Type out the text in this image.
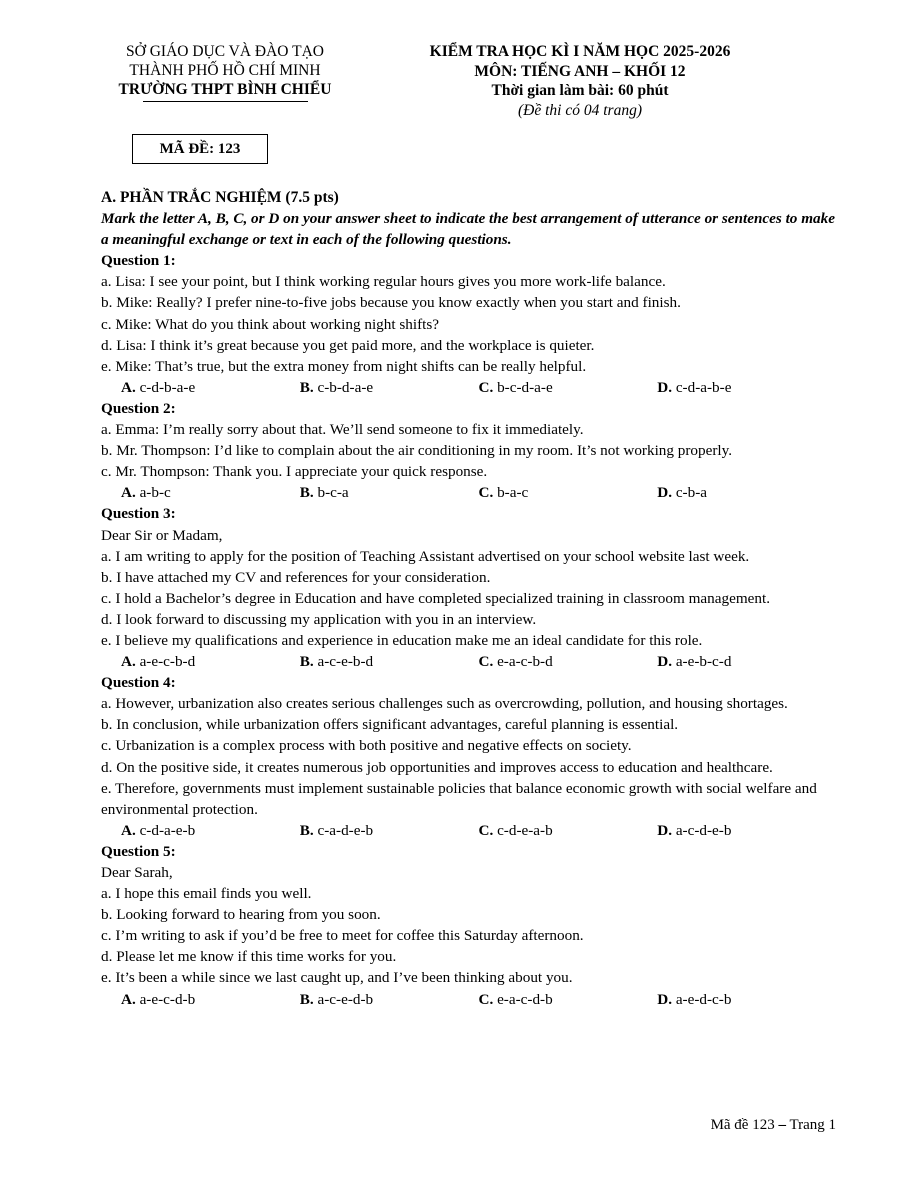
SỞ GIÁO DỤC VÀ ĐÀO TẠO
THÀNH PHỐ HỒ CHÍ MINH
TRƯỜNG THPT BÌNH CHIỂU
KIỂM TRA HỌC KÌ I NĂM HỌC 2025-2026
MÔN: TIẾNG ANH – KHỐI 12
Thời gian làm bài: 60 phút
(Đề thi có 04 trang)
MÃ ĐỀ: 123
A. PHẦN TRẮC NGHIỆM (7.5 pts)
Mark the letter A, B, C, or D on your answer sheet to indicate the best arrangement of utterance or sentences to make a meaningful exchange or text in each of the following questions.
Question 1:
a. Lisa: I see your point, but I think working regular hours gives you more work-life balance.
b. Mike: Really? I prefer nine-to-five jobs because you know exactly when you start and finish.
c. Mike: What do you think about working night shifts?
d. Lisa: I think it’s great because you get paid more, and the workplace is quieter.
e. Mike: That’s true, but the extra money from night shifts can be really helpful.
A. c-d-b-a-e	B. c-b-d-a-e	C. b-c-d-a-e	D. c-d-a-b-e
Question 2:
a. Emma: I’m really sorry about that. We’ll send someone to fix it immediately.
b. Mr. Thompson: I’d like to complain about the air conditioning in my room. It’s not working properly.
c. Mr. Thompson: Thank you. I appreciate your quick response.
A. a-b-c	B. b-c-a	C. b-a-c	D. c-b-a
Question 3:
Dear Sir or Madam,
a. I am writing to apply for the position of Teaching Assistant advertised on your school website last week.
b. I have attached my CV and references for your consideration.
c. I hold a Bachelor’s degree in Education and have completed specialized training in classroom management.
d. I look forward to discussing my application with you in an interview.
e. I believe my qualifications and experience in education make me an ideal candidate for this role.
A. a-e-c-b-d	B. a-c-e-b-d	C. e-a-c-b-d	D. a-e-b-c-d
Question 4:
a. However, urbanization also creates serious challenges such as overcrowding, pollution, and housing shortages.
b. In conclusion, while urbanization offers significant advantages, careful planning is essential.
c. Urbanization is a complex process with both positive and negative effects on society.
d. On the positive side, it creates numerous job opportunities and improves access to education and healthcare.
e. Therefore, governments must implement sustainable policies that balance economic growth with social welfare and environmental protection.
A. c-d-a-e-b	B. c-a-d-e-b	C. c-d-e-a-b	D. a-c-d-e-b
Question 5:
Dear Sarah,
a. I hope this email finds you well.
b. Looking forward to hearing from you soon.
c. I’m writing to ask if you’d be free to meet for coffee this Saturday afternoon.
d. Please let me know if this time works for you.
e. It’s been a while since we last caught up, and I’ve been thinking about you.
A. a-e-c-d-b	B. a-c-e-d-b	C. e-a-c-d-b	D. a-e-d-c-b
Mã đề 123 – Trang 1
